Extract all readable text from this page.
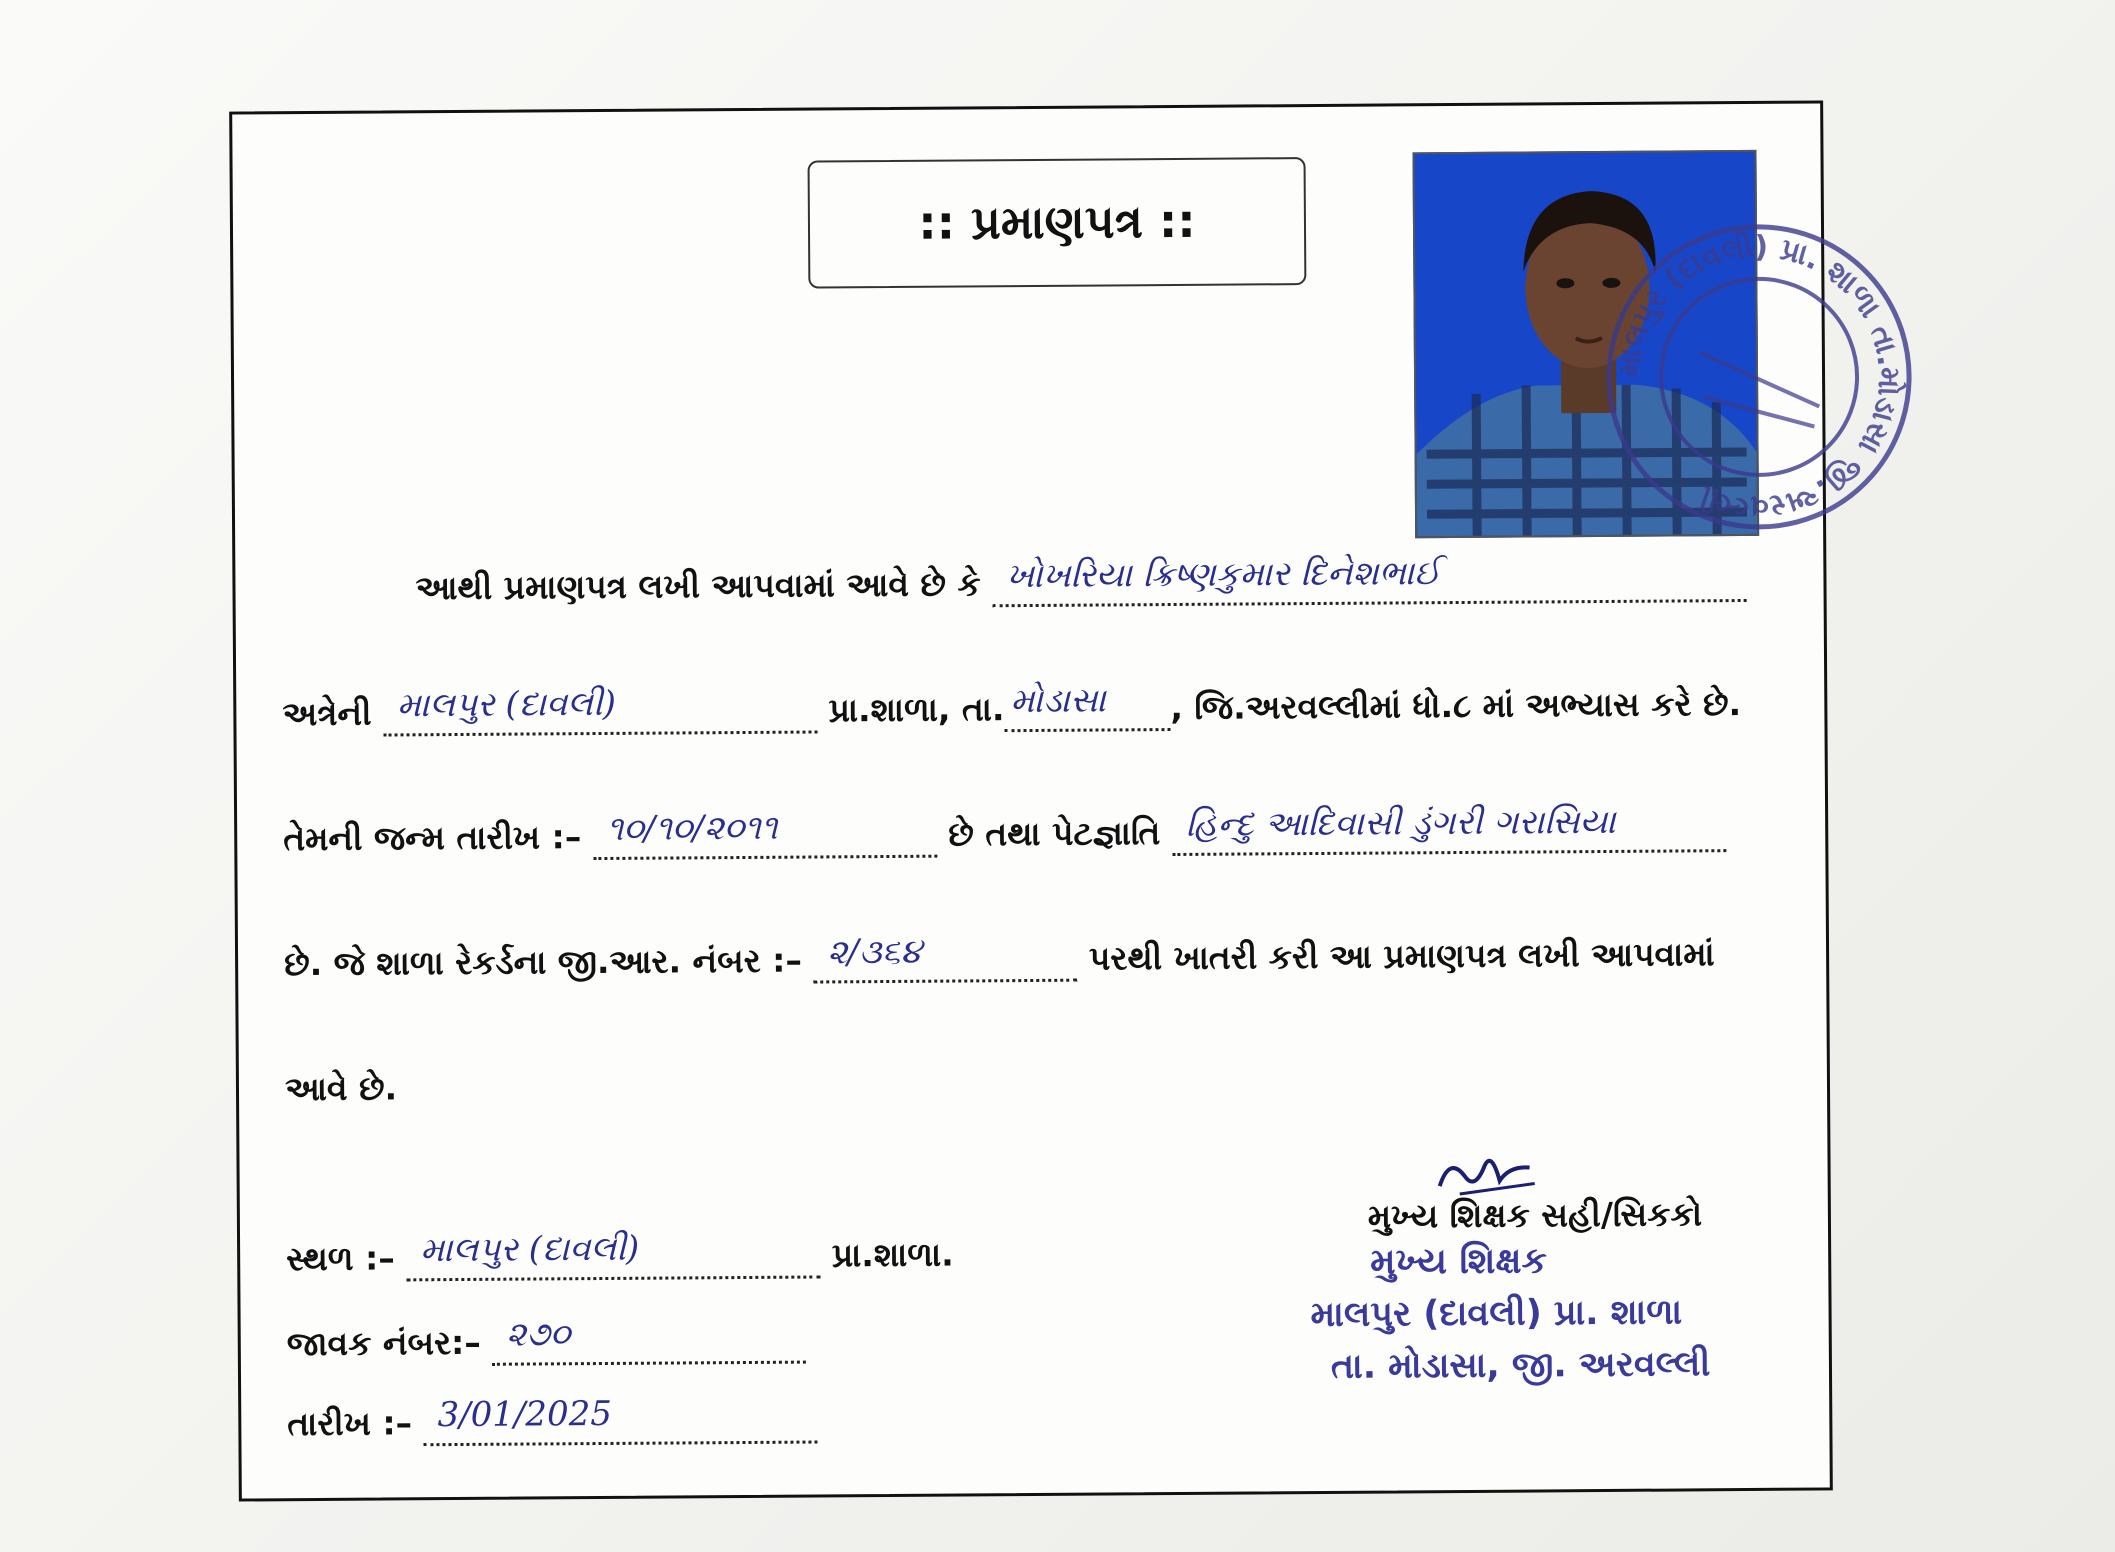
:: પ્રમાણપત્ર ::
માલપુર (દાવલી) પ્રા. શાળા તા.મોડાસા જી.અરવલ્લી
આથી પ્રમાણપત્ર લખી આપવામાં આવે છે કે ખોખરિયા ક્રિષ્ણકુમાર દિનેશભાઈ
અત્રેની માલપુર (દાવલી)	પ્રા.શાળા, તા. મોડાસા , જિ.અરવલ્લીમાં ધો.૮ માં અભ્યાસ કરે છે.
તેમની જન્મ તારીખ :– ૧૦/૧૦/૨૦૧૧	છે તથા પેટજ્ઞાતિ હિન્દુ આદિવાસી ડુંગરી ગરાસિયા
છે. જે શાળા રેકર્ડના જી.આર. નંબર :– ૨/૩૬૪	પરથી ખાતરી કરી આ પ્રમાણપત્ર લખી આપવામાં
આવે છે.
સ્થળ :– માલપુર (દાવલી)	પ્રા.શાળા.
જાવક નંબર:– ૨૭૦
તારીખ :– 3/01/2025
મુખ્ય શિક્ષક સહી/સિકકો
મુખ્ય શિક્ષક
માલપુર (દાવલી) પ્રા. શાળા
તા. મોડાસા, જી. અરવલ્લી
